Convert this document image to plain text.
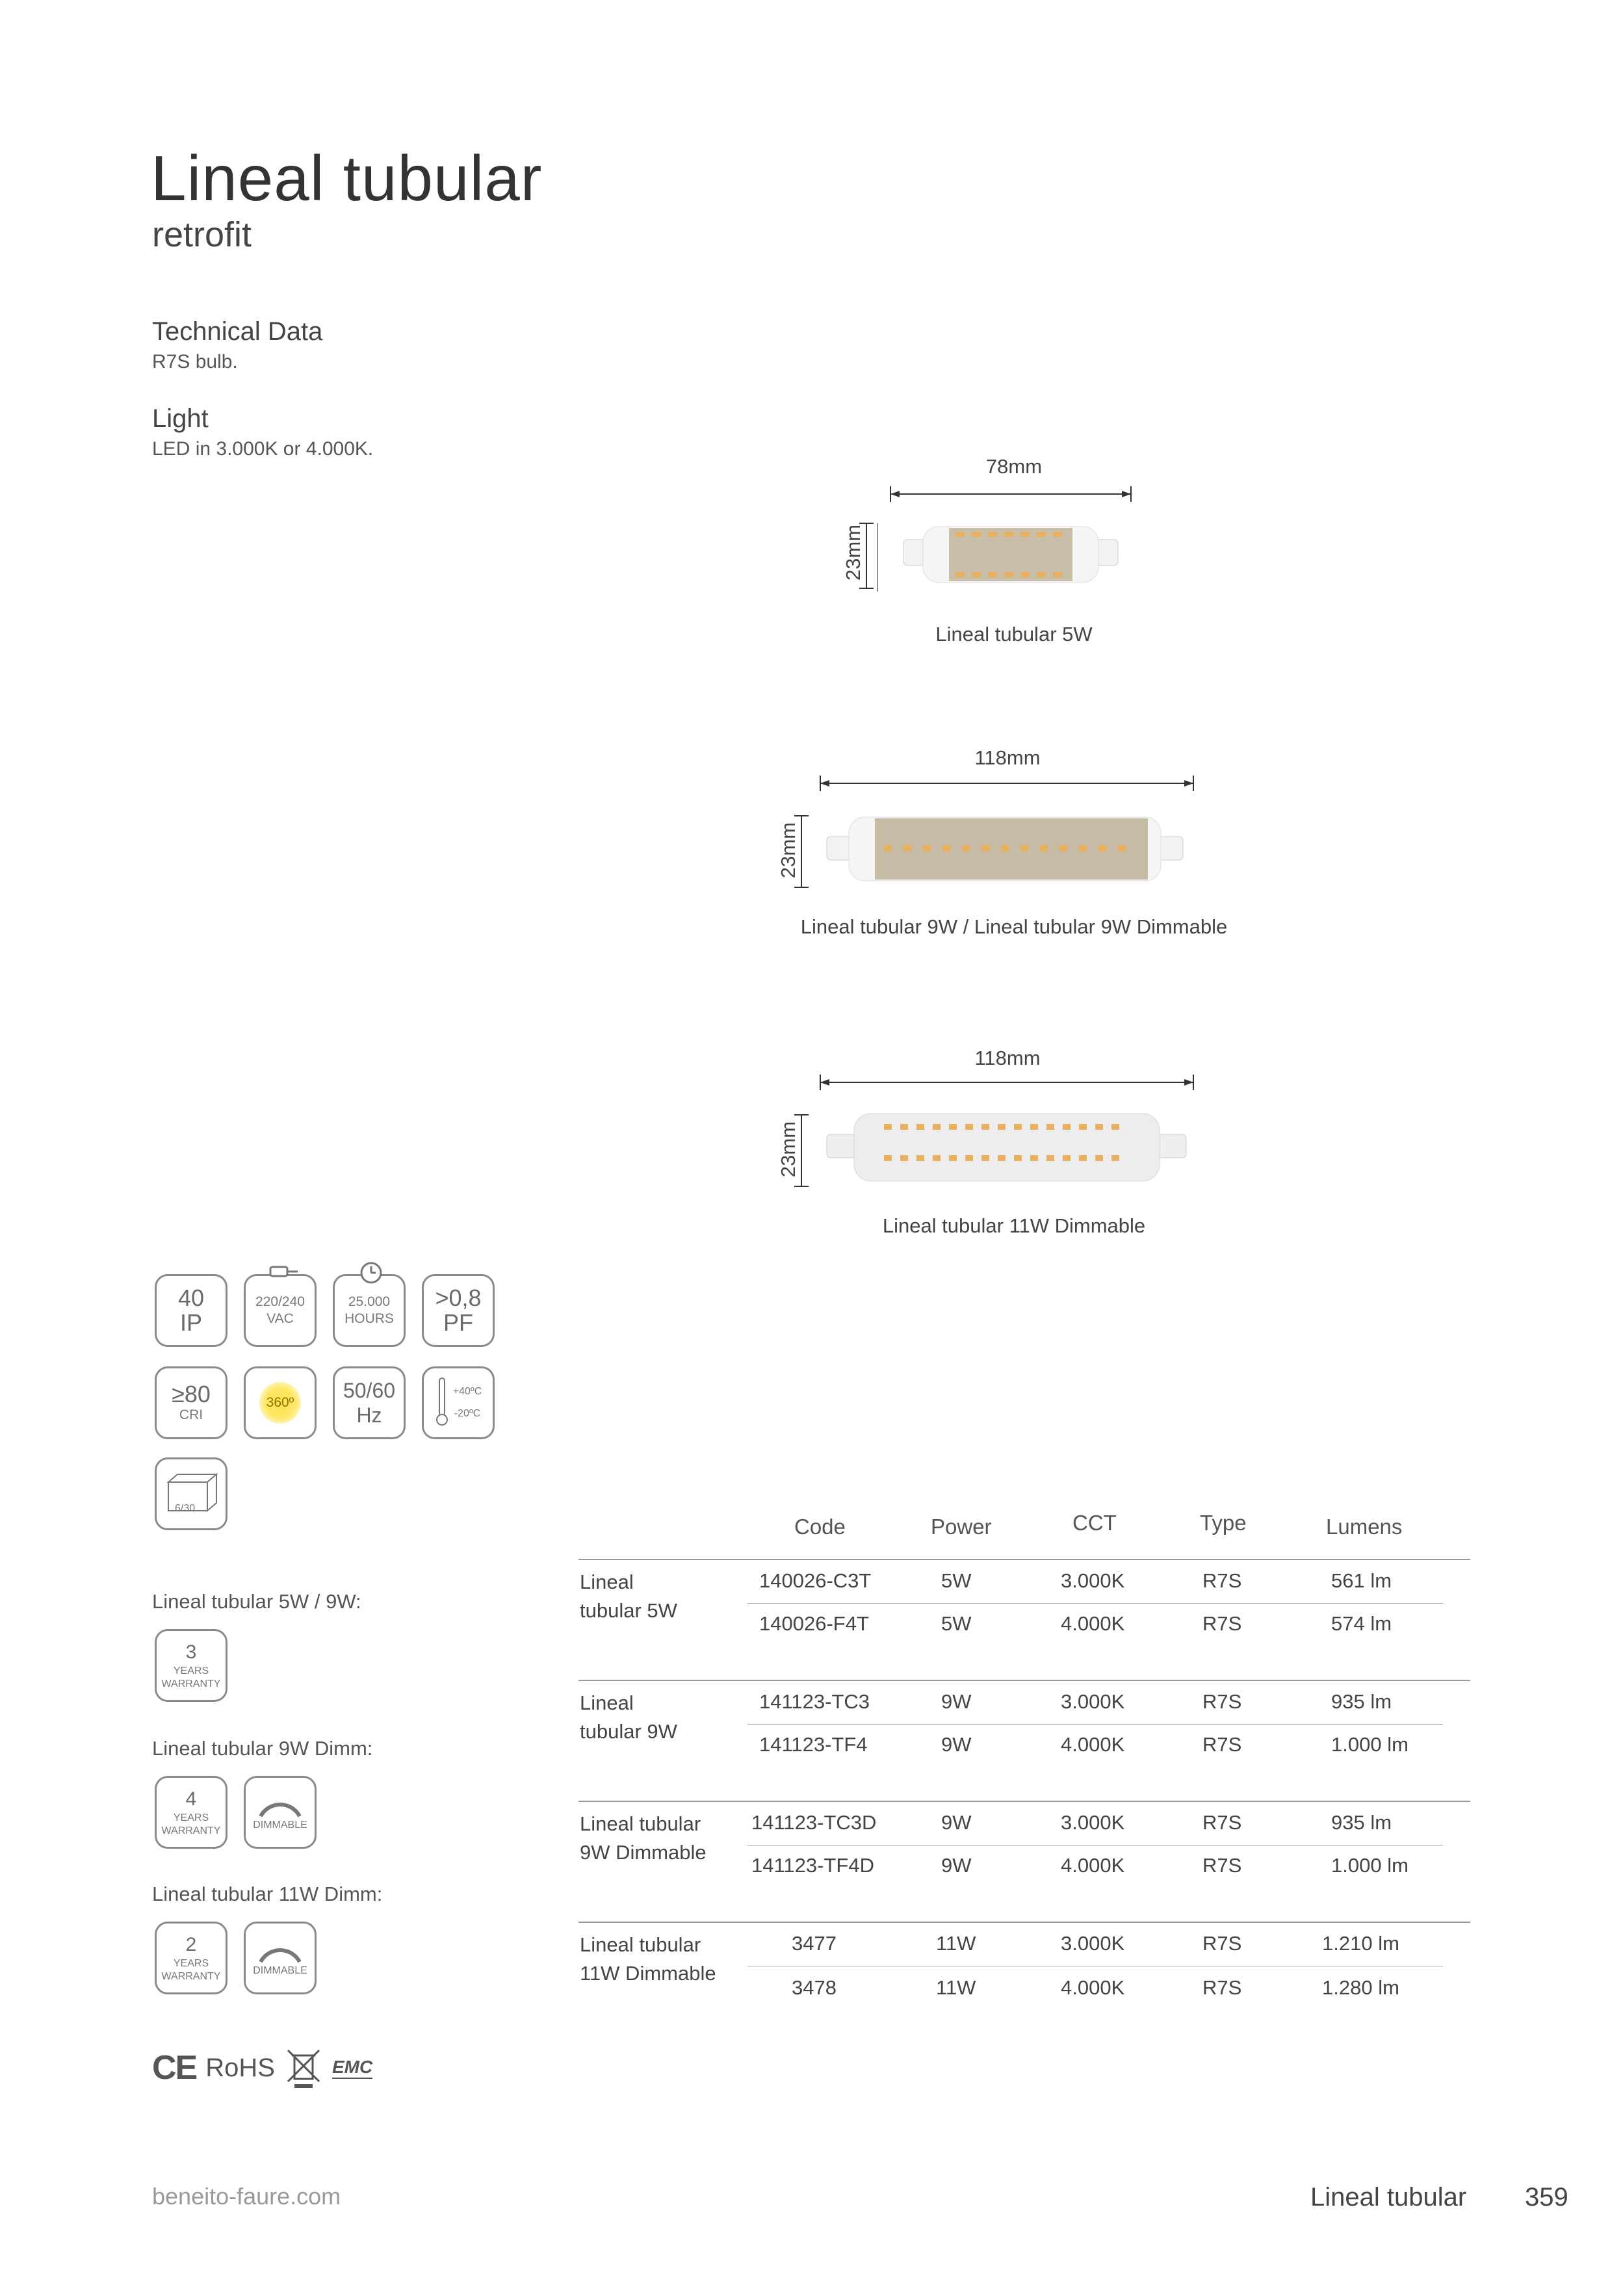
Lineal tubular
retrofit
Technical Data
R7S bulb.
Light
LED in 3.000K or 4.000K.
78mm
23mm
Lineal tubular 5W
118mm
23mm
Lineal tubular 9W / Lineal tubular 9W Dimmable
118mm
23mm
Lineal tubular 11W Dimmable
40
IP
220/240
VAC
25.000
HOURS
>0,8
PF
≥80
CRI
360º
50/60
Hz
+40ºC
-20ºC
6/30
Lineal tubular 5W / 9W:
3
YEARS
WARRANTY
Lineal tubular 9W Dimm:
4
YEARS
WARRANTY
DIMMABLE
Lineal tubular 11W Dimm:
2
YEARS
WARRANTY
DIMMABLE
CE RoHS	EMC
Code	Power	CCT	Type	Lumens
Lineal
tubular 5W
140026-C3T	5W	3.000K	R7S	561 lm
140026-F4T	5W	4.000K	R7S	574 lm
Lineal
tubular 9W
141123-TC3	9W	3.000K	R7S	935 lm
141123-TF4	9W	4.000K	R7S	1.000 lm
Lineal tubular
9W Dimmable
141123-TC3D	9W	3.000K	R7S	935 lm
141123-TF4D	9W	4.000K	R7S	1.000 lm
Lineal tubular
11W Dimmable
3477	11W	3.000K	R7S	1.210 lm
3478	11W	4.000K	R7S	1.280 lm
beneito-faure.com	Lineal tubular 359
